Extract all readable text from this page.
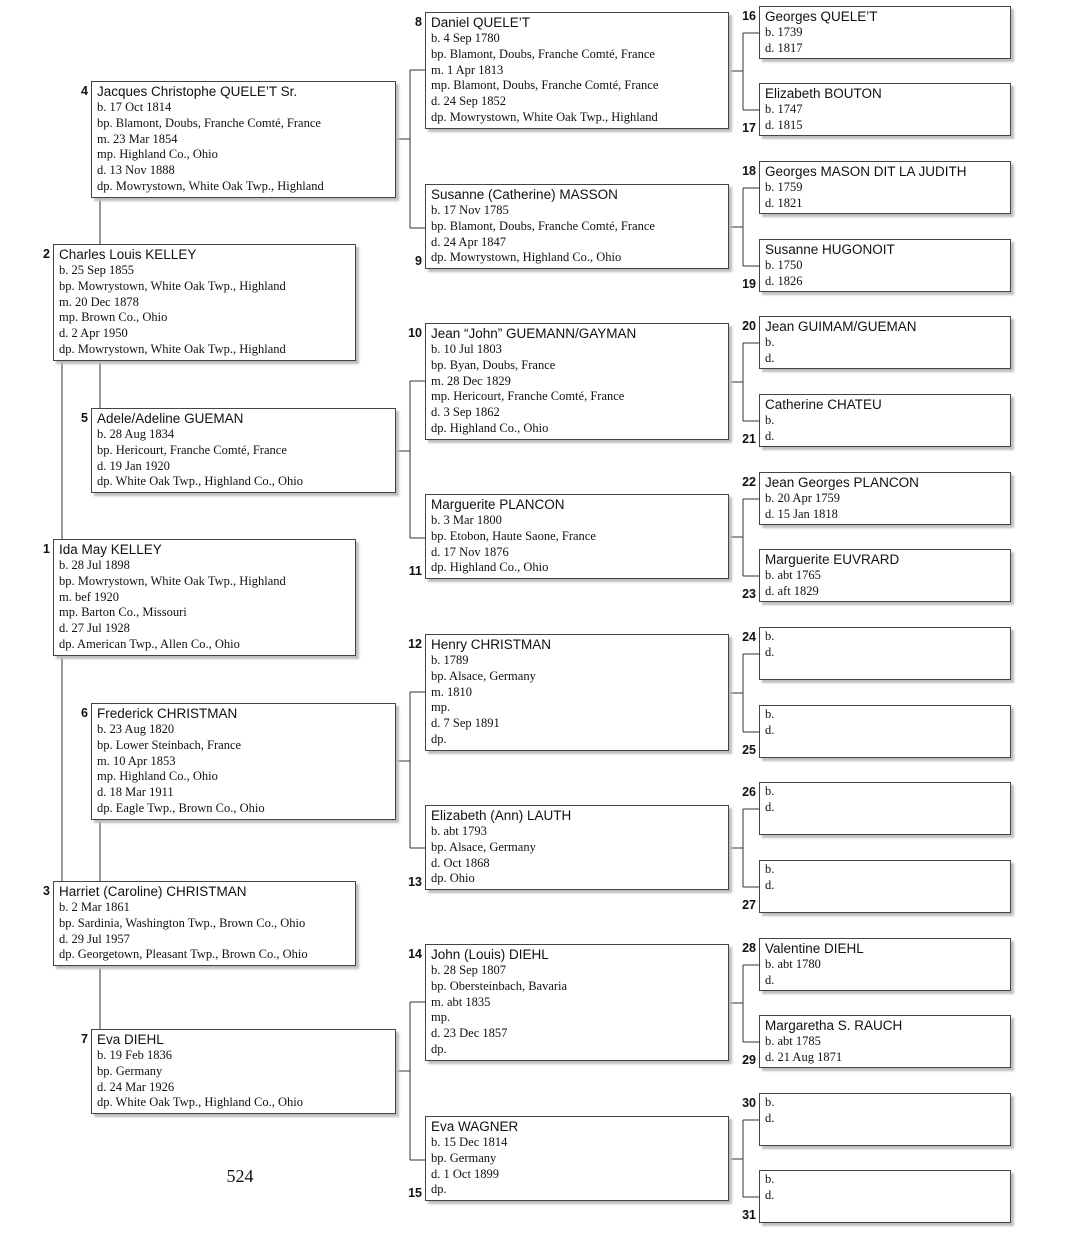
Ida May KELLEY
b. 28 Jul 1898
bp. Mowrystown, White Oak Twp., Highland
m. bef 1920
mp. Barton Co., Missouri
d. 27 Jul 1928
dp. American Twp., Allen Co., Ohio
1
Charles Louis KELLEY
b. 25 Sep 1855
bp. Mowrystown, White Oak Twp., Highland
m. 20 Dec 1878
mp. Brown Co., Ohio
d. 2 Apr 1950
dp. Mowrystown, White Oak Twp., Highland
2
Harriet (Caroline) CHRISTMAN
b. 2 Mar 1861
bp. Sardinia, Washington Twp., Brown Co., Ohio
d. 29 Jul 1957
dp. Georgetown, Pleasant Twp., Brown Co., Ohio
3
Jacques Christophe QUELE’T Sr.
b. 17 Oct 1814
bp. Blamont, Doubs, Franche Comté, France
m. 23 Mar 1854
mp. Highland Co., Ohio
d. 13 Nov 1888
dp. Mowrystown, White Oak Twp., Highland
4
Adele/Adeline GUEMAN
b. 28 Aug 1834
bp. Hericourt, Franche Comté, France
d. 19 Jan 1920
dp. White Oak Twp., Highland Co., Ohio
5
Frederick CHRISTMAN
b. 23 Aug 1820
bp. Lower Steinbach, France
m. 10 Apr 1853
mp. Highland Co., Ohio
d. 18 Mar 1911
dp. Eagle Twp., Brown Co., Ohio
6
Eva DIEHL
b. 19 Feb 1836
bp. Germany
d. 24 Mar 1926
dp. White Oak Twp., Highland Co., Ohio
7
Daniel QUELE’T
b. 4 Sep 1780
bp. Blamont, Doubs, Franche Comté, France
m. 1 Apr 1813
mp. Blamont, Doubs, Franche Comté, France
d. 24 Sep 1852
dp. Mowrystown, White Oak Twp., Highland
8
Susanne (Catherine) MASSON
b. 17 Nov 1785
bp. Blamont, Doubs, Franche Comté, France
d. 24 Apr 1847
dp. Mowrystown, Highland Co., Ohio
9
Jean “John” GUEMANN/GAYMAN
b. 10 Jul 1803
bp. Byan, Doubs, France
m. 28 Dec 1829
mp. Hericourt, Franche Comté, France
d. 3 Sep 1862
dp. Highland Co., Ohio
10
Marguerite PLANCON
b. 3 Mar 1800
bp. Etobon, Haute Saone, France
d. 17 Nov 1876
dp. Highland Co., Ohio
11
Henry CHRISTMAN
b. 1789
bp. Alsace, Germany
m. 1810
mp.
d. 7 Sep 1891
dp.
12
Elizabeth (Ann) LAUTH
b. abt 1793
bp. Alsace, Germany
d. Oct 1868
dp. Ohio
13
John (Louis) DIEHL
b. 28 Sep 1807
bp. Obersteinbach, Bavaria
m. abt 1835
mp.
d. 23 Dec 1857
dp.
14
Eva WAGNER
b. 15 Dec 1814
bp. Germany
d. 1 Oct 1899
dp.
15
Georges QUELE’T
b. 1739
d. 1817
16
Elizabeth BOUTON
b. 1747
d. 1815
17
Georges MASON DIT LA JUDITH
b. 1759
d. 1821
18
Susanne HUGONOIT
b. 1750
d. 1826
19
Jean GUIMAM/GUEMAN
b.
d.
20
Catherine CHATEU
b.
d.
21
Jean Georges PLANCON
b. 20 Apr 1759
d. 15 Jan 1818
22
Marguerite EUVRARD
b. abt 1765
d. aft 1829
23
b.
d.
24
b.
d.
25
b.
d.
26
b.
d.
27
Valentine DIEHL
b. abt 1780
d.
28
Margaretha S. RAUCH
b. abt 1785
d. 21 Aug 1871
29
b.
d.
30
b.
d.
31
524
